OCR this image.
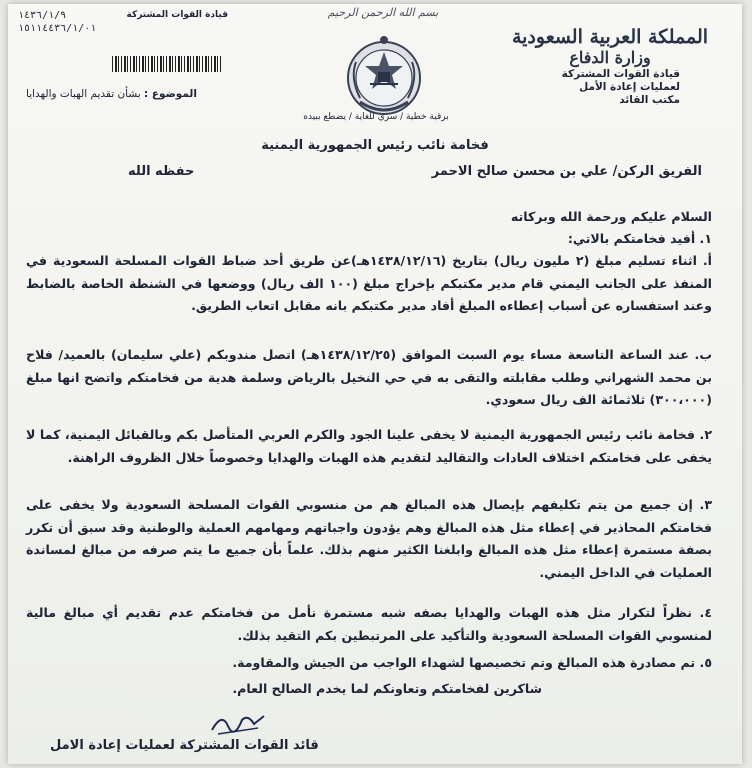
بسم الله الرحمن الرحيم
قيادة القوات المشتركة
١٤٣٦/١/٩
١٥١١٤٤٣٦/١/٠١
الموضوع : بشأن تقديم الهبات والهدايا
برقية خطية / سري للغاية / يضطع ببيده
المملكة العربية السعودية
وزارة الدفاع
قيادة القوات المشتركة
لعمليات إعادة الأمل
مكتب القائد
فخامة نائب رئيس الجمهورية اليمنية
الفريق الركن/ علي بن محسن صالح الاحمر
حفظه الله
السلام عليكم ورحمة الله وبركاته
١. أفيد فخامتكم بالاتي:
أ. اثناء تسليم مبلغ (٢ مليون ريال) بتاريخ (١٤٣٨/١٢/١٦هـ)عن طريق أحد ضباط القوات المسلحة السعودية في المنفذ على الجانب اليمني قام مدير مكتبكم بإخراج مبلغ (١٠٠ الف ريال) ووضعها في الشنطة الخاصة بالضابط وعند استفساره عن أسباب إعطاءه المبلغ أفاد مدير مكتبكم بانه مقابل اتعاب الطريق.
ب. عند الساعة التاسعة مساء يوم السبت الموافق (١٤٣٨/١٢/٢٥هـ) اتصل مندوبكم (علي سليمان) بالعميد/ فلاح بن محمد الشهراني وطلب مقابلته والتقى به في حي النخيل بالرياض وسلمة هدية من فخامتكم واتضح انها مبلغ (٣٠٠،٠٠٠) ثلاثمائة الف ريال سعودي.
٢. فخامة نائب رئيس الجمهورية اليمنية لا يخفى علينا الجود والكرم العربي المتأصل بكم وبالقبائل اليمنية، كما لا يخفى على فخامتكم اختلاف العادات والتقاليد لتقديم هذه الهبات والهدايا وخصوصاً خلال الظروف الراهنة.
٣. إن جميع من يتم تكليفهم بإيصال هذه المبالغ هم من منسوبي القوات المسلحة السعودية ولا يخفى على فخامتكم المحاذير في إعطاء مثل هذه المبالغ وهم يؤدون واجباتهم ومهامهم العملية والوطنية وقد سبق أن تكرر بصفة مستمرة إعطاء مثل هذه المبالغ وابلغنا الكثير منهم بذلك. علماً بأن جميع ما يتم صرفه من مبالغ لمساندة العمليات في الداخل اليمني.
٤. نظراً لتكرار مثل هذه الهبات والهدايا بصفه شبه مستمرة نأمل من فخامتكم عدم تقديم أي مبالغ مالية لمنسوبي القوات المسلحة السعودية والتأكيد على المرتبطين بكم التقيد بذلك.
٥. تم مصادرة هذه المبالغ وتم تخصيصها لشهداء الواجب من الجيش والمقاومة.
شاكرين لفخامتكم وتعاونكم لما يخدم الصالح العام.
قائد القوات المشتركة لعمليات إعادة الامل
